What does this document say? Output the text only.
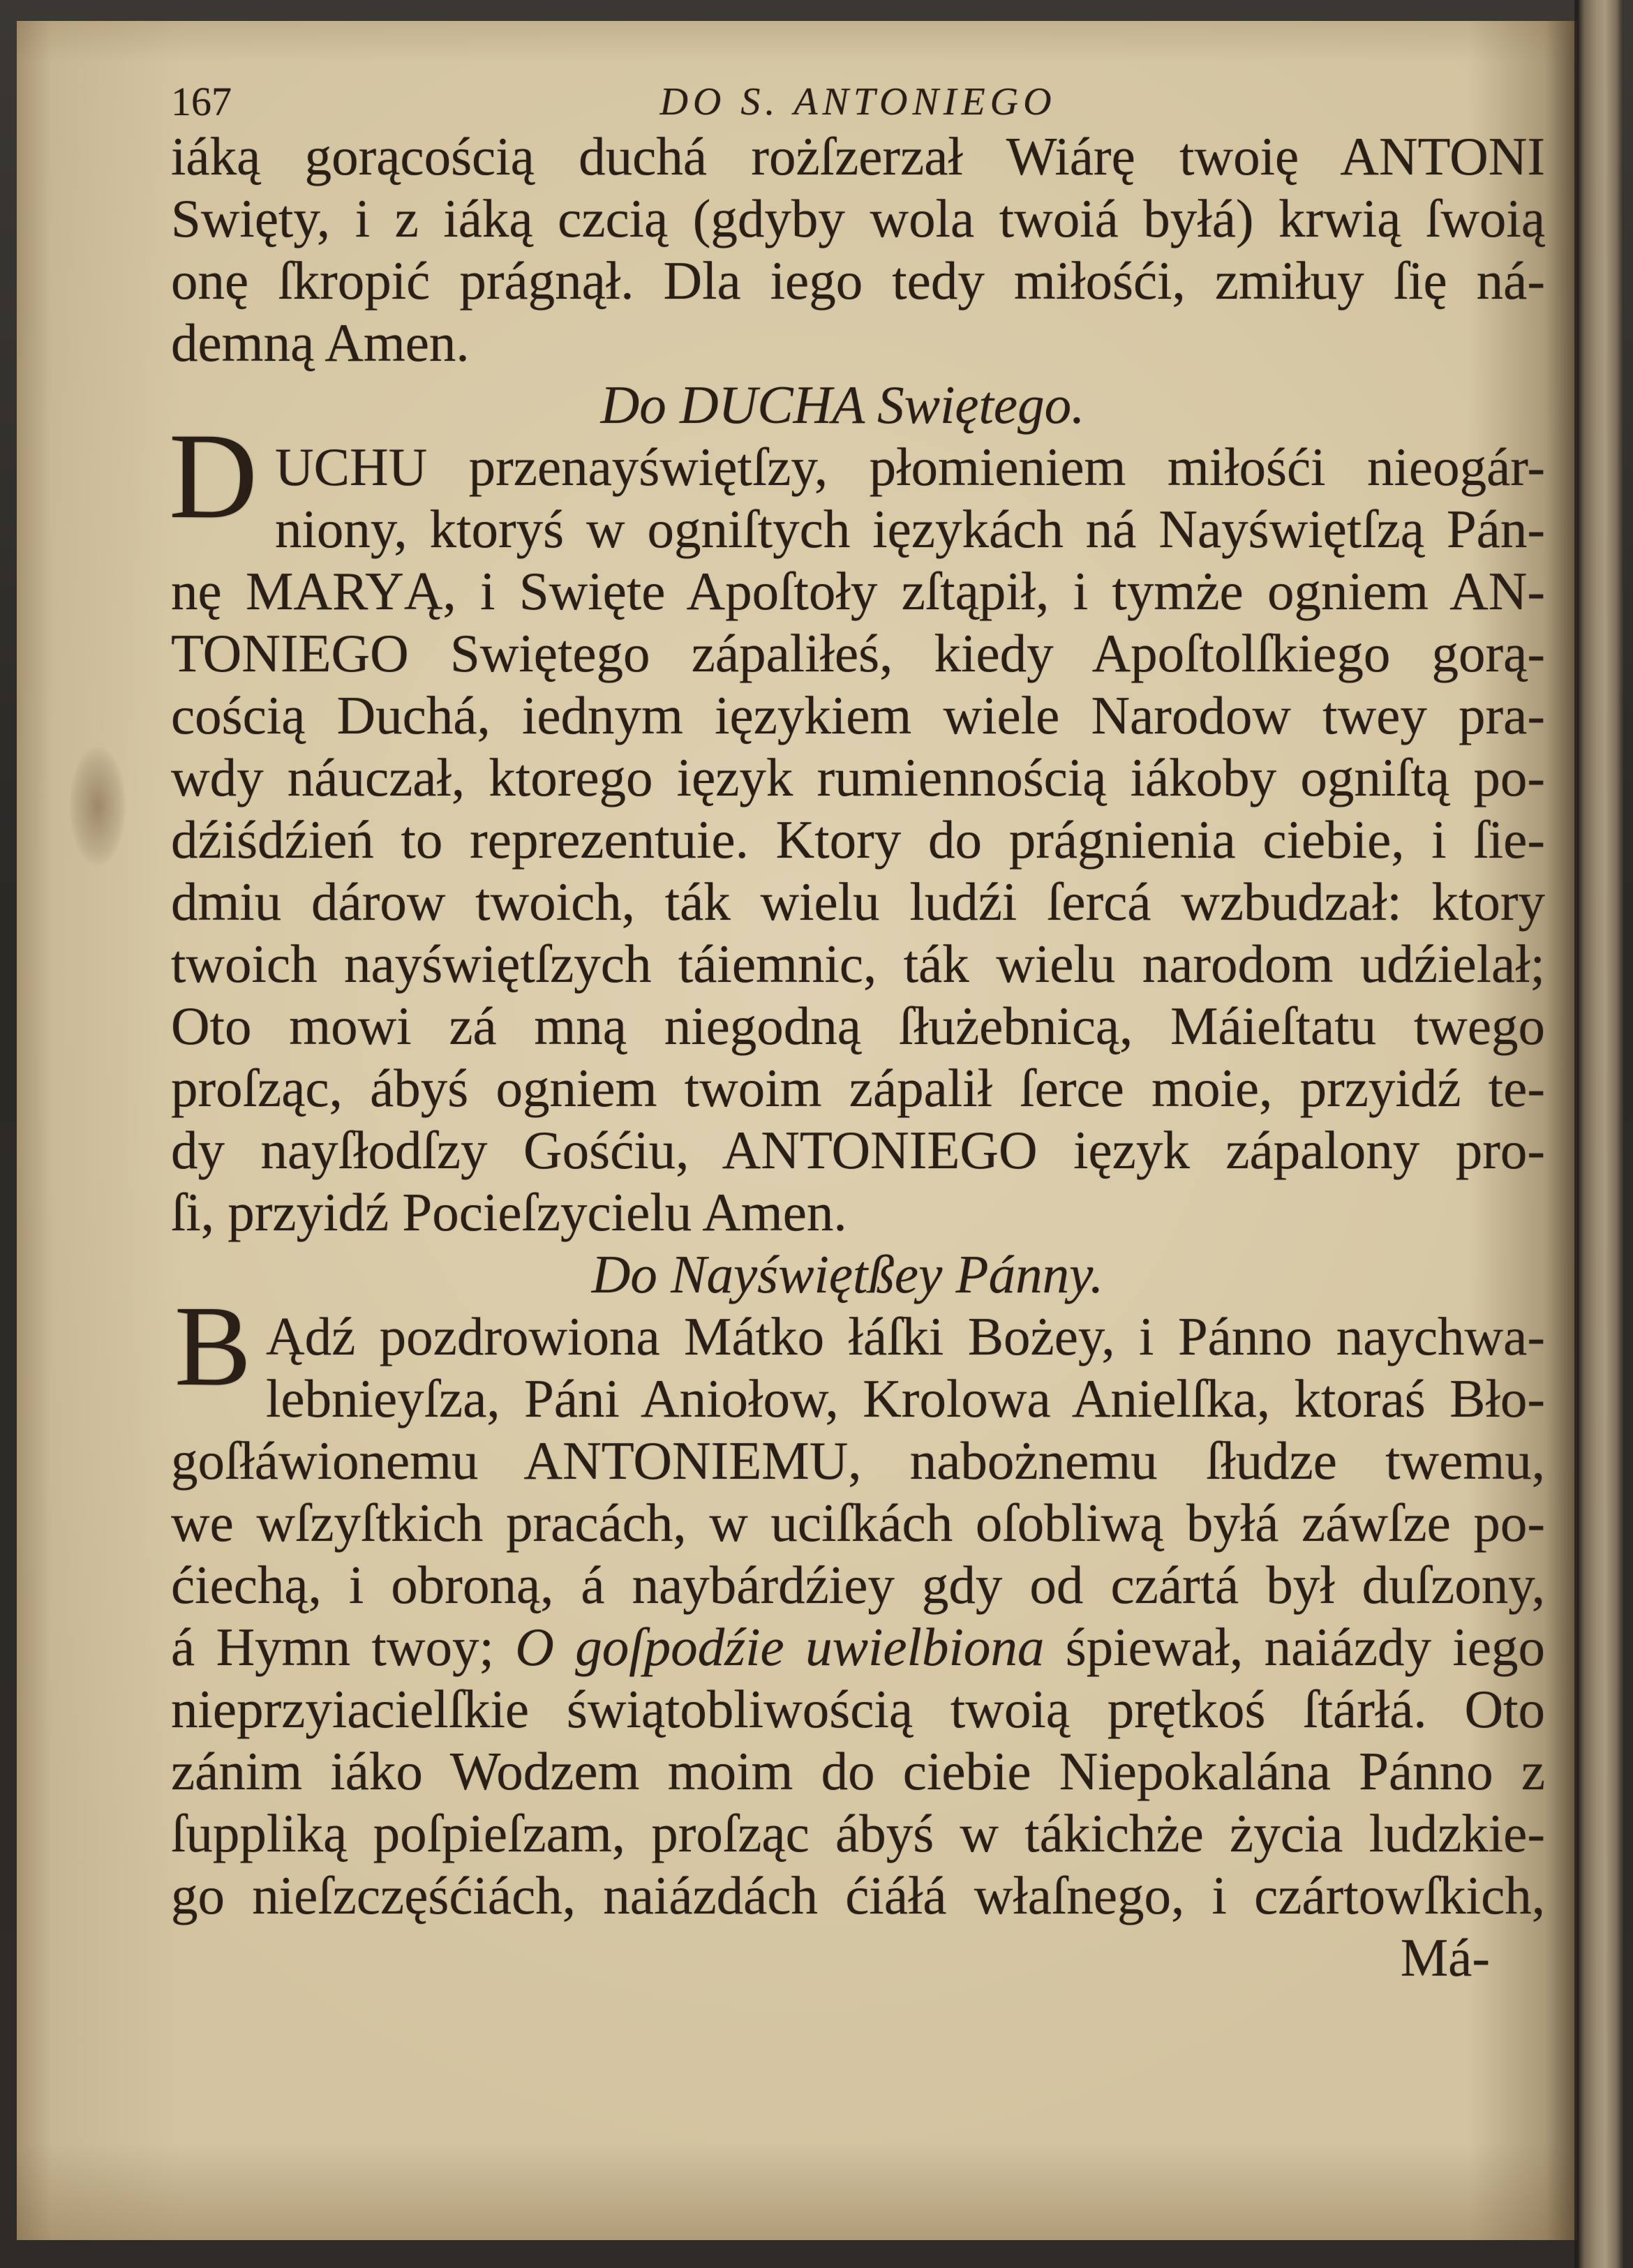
167	DO S. ANTONIEGO
iáką gorącością duchá rożſzerzał Wiárę twoię ANTONI
Swięty, i z iáką czcią (gdyby wola twoiá byłá) krwią ſwoią
onę ſkropić prágnął. Dla iego tedy miłośći, zmiłuy ſię ná-
demną Amen.
Do DUCHA Swiętego.
UCHU przenayświętſzy, płomieniem miłośći nieogár-
niony, ktoryś w ogniſtych ięzykách ná Nayświętſzą Pán-
nę MARYĄ, i Swięte Apoſtoły zſtąpił, i tymże ogniem AN-
TONIEGO Swiętego zápaliłeś, kiedy Apoſtolſkiego gorą-
cością Duchá, iednym ięzykiem wiele Narodow twey pra-
wdy náuczał, ktorego ięzyk rumiennością iákoby ogniſtą po-
dźiśdźień to reprezentuie. Ktory do prágnienia ciebie, i ſie-
dmiu dárow twoich, ták wielu ludźi ſercá wzbudzał: ktory
twoich nayświętſzych táiemnic, ták wielu narodom udźielał;
Oto mowi zá mną niegodną ſłużebnicą, Máieſtatu twego
proſząc, ábyś ogniem twoim zápalił ſerce moie, przyidź te-
dy nayſłodſzy Gośćiu, ANTONIEGO ięzyk zápalony pro-
ſi, przyidź Pocieſzycielu Amen.
Do Nayświętßey Pánny.
Ądź pozdrowiona Mátko łáſki Bożey, i Pánno naychwa-
lebnieyſza, Páni Aniołow, Krolowa Anielſka, ktoraś Bło-
goſłáwionemu ANTONIEMU, nabożnemu ſłudze twemu,
we wſzyſtkich pracách, w uciſkách oſobliwą byłá záwſze po-
ćiechą, i obroną, á naybárdźiey gdy od czártá był duſzony,
á Hymn twoy; O goſpodźie uwielbiona śpiewał, naiázdy iego
nieprzyiacielſkie świątobliwością twoią prętkoś ſtárłá. Oto
zánim iáko Wodzem moim do ciebie Niepokalána Pánno z
ſuppliką poſpieſzam, proſząc ábyś w tákichże życia ludzkie-
go nieſzczęśćiách, naiázdách ćiáłá właſnego, i czártowſkich,
Má-
D
B
